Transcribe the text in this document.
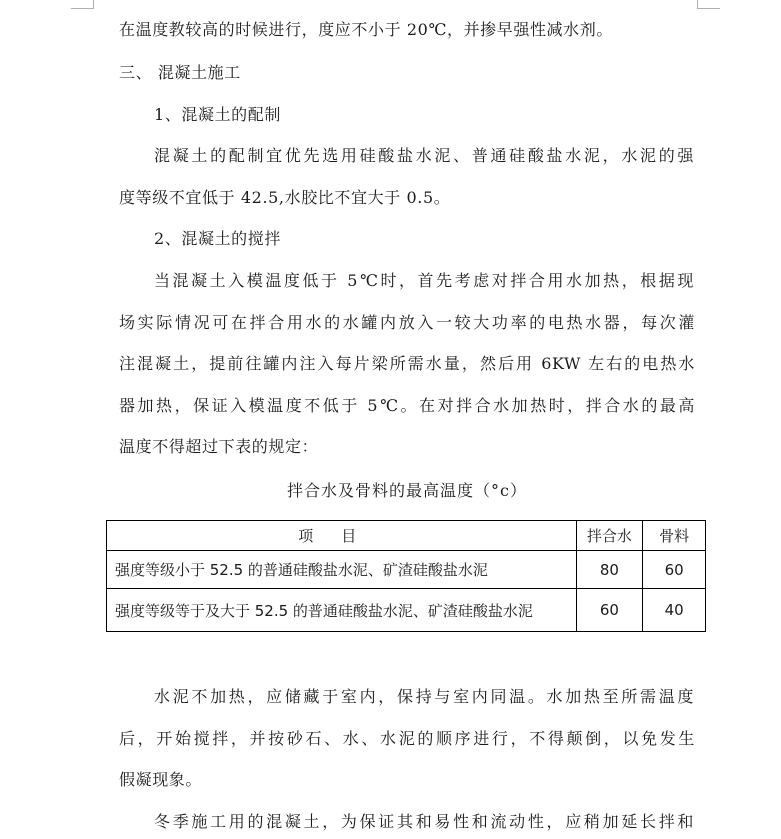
在温度教较高的时候进行，度应不小于 20℃，并掺早强性减水剂。
三、 混凝土施工
1、混凝土的配制
混凝土的配制宜优先选用硅酸盐水泥、普通硅酸盐水泥，水泥的强
度等级不宜低于 42.5,水胶比不宜大于 0.5。
2、混凝土的搅拌
当混凝土入模温度低于 5℃时，首先考虑对拌合用水加热，根据现
场实际情况可在拌合用水的水罐内放入一较大功率的电热水器，每次灌
注混凝土，提前往罐内注入每片梁所需水量，然后用 6KW 左右的电热水
器加热，保证入模温度不低于 5℃。在对拌合水加热时，拌合水的最高
温度不得超过下表的规定：
拌合水及骨料的最高温度（°c）
项目	拌合水	骨料
强度等级小于 52.5 的普通硅酸盐水泥、矿渣硅酸盐水泥	80	60
强度等级等于及大于 52.5 的普通硅酸盐水泥、矿渣硅酸盐水泥	60	40
水泥不加热，应储藏于室内，保持与室内同温。水加热至所需温度
后，开始搅拌，并按砂石、水、水泥的顺序进行，不得颠倒，以免发生
假凝现象。
冬季施工用的混凝土，为保证其和易性和流动性，应稍加延长拌和
